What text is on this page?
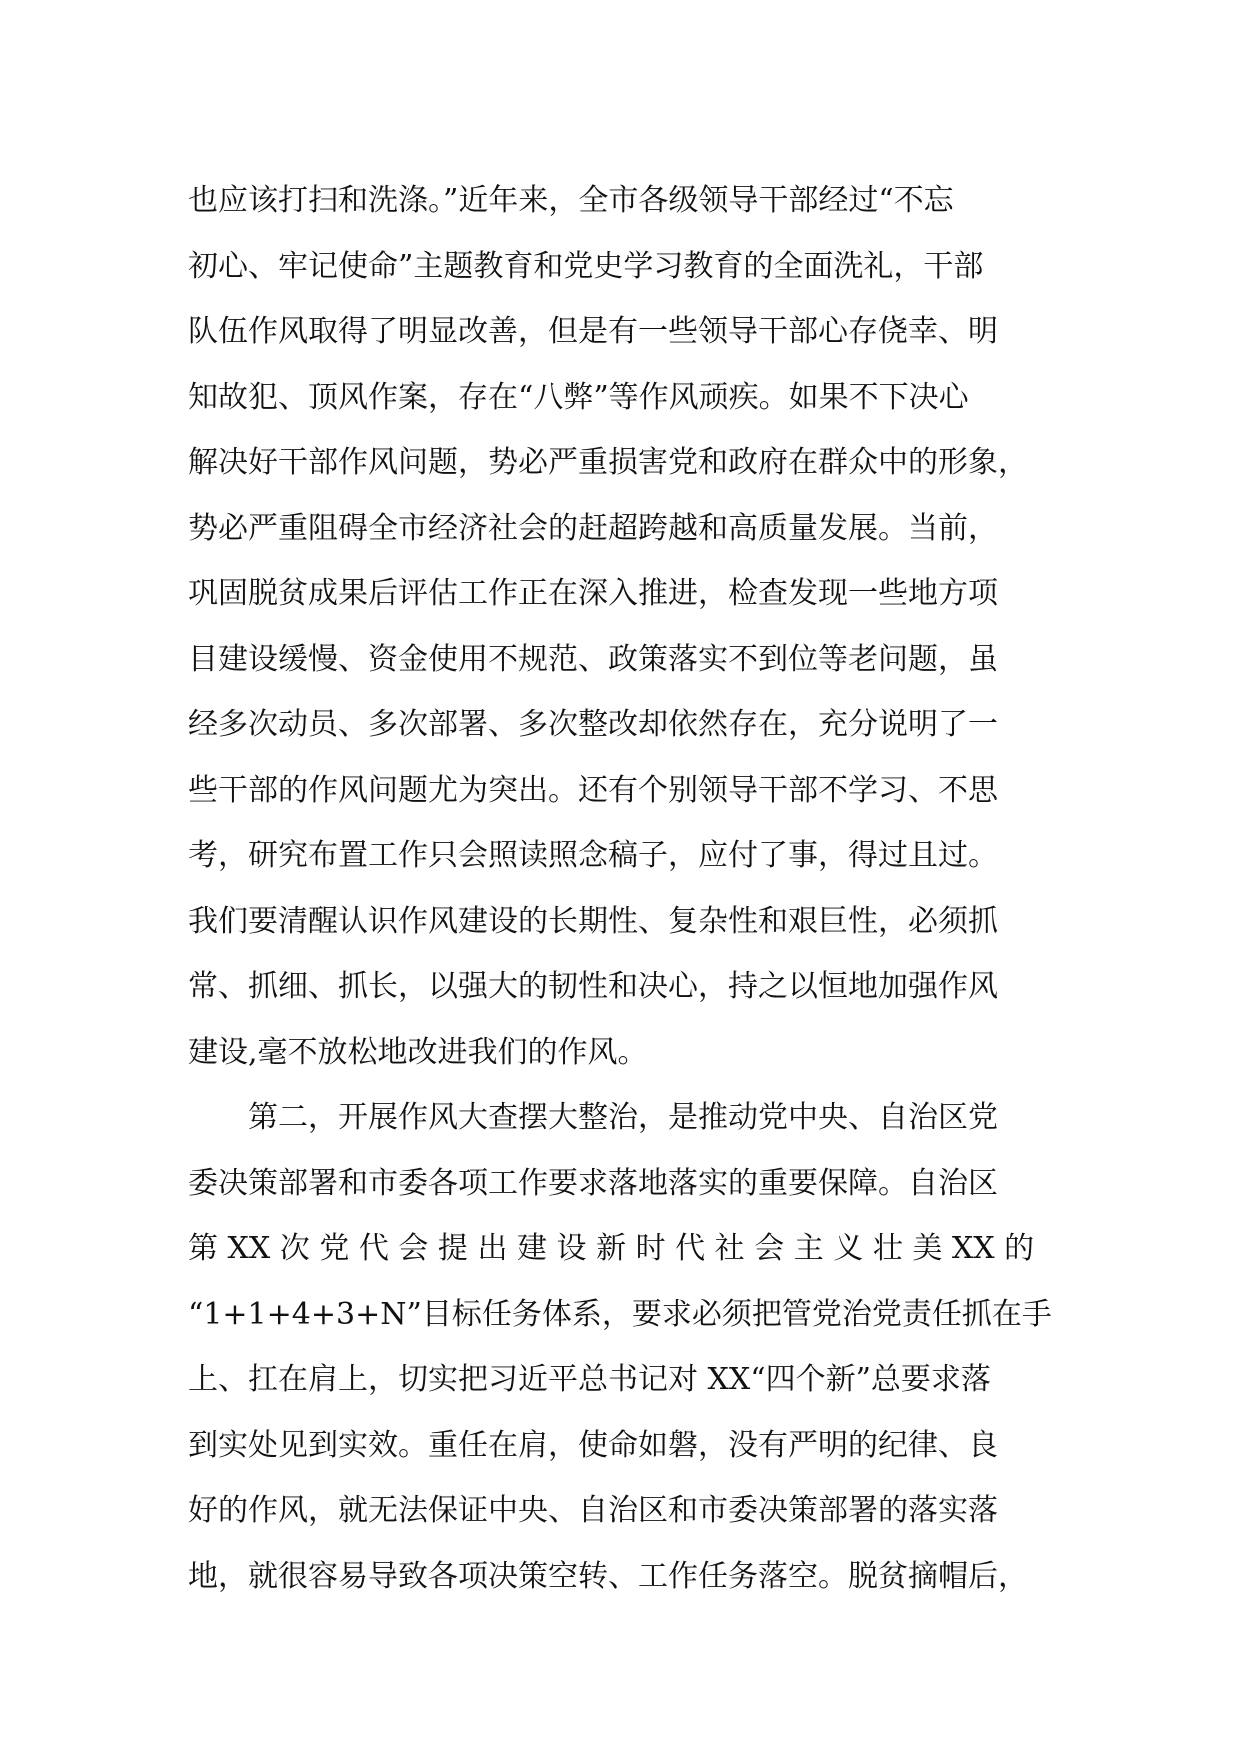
也应该打扫和洗涤。”近年来，全市各级领导干部经过“不忘
初心、牢记使命”主题教育和党史学习教育的全面洗礼，干部
队伍作风取得了明显改善，但是有一些领导干部心存侥幸、明
知故犯、顶风作案，存在“八弊”等作风顽疾。如果不下决心
解决好干部作风问题，势必严重损害党和政府在群众中的形象，
势必严重阻碍全市经济社会的赶超跨越和高质量发展。当前，
巩固脱贫成果后评估工作正在深入推进，检查发现一些地方项
目建设缓慢、资金使用不规范、政策落实不到位等老问题，虽
经多次动员、多次部署、多次整改却依然存在，充分说明了一
些干部的作风问题尤为突出。还有个别领导干部不学习、不思
考，研究布置工作只会照读照念稿子，应付了事，得过且过。
我们要清醒认识作风建设的长期性、复杂性和艰巨性，必须抓
常、抓细、抓长，以强大的韧性和决心，持之以恒地加强作风
建设,毫不放松地改进我们的作风。
第二，开展作风大查摆大整治，是推动党中央、自治区党
委决策部署和市委各项工作要求落地落实的重要保障。自治区
第 XX 次 党 代 会 提 出 建 设 新 时 代 社 会 主 义 壮 美 XX 的
“1+1+4+3+N”目标任务体系，要求必须把管党治党责任抓在手
上、扛在肩上，切实把习近平总书记对 XX“四个新”总要求落
到实处见到实效。重任在肩，使命如磐，没有严明的纪律、良
好的作风，就无法保证中央、自治区和市委决策部署的落实落
地，就很容易导致各项决策空转、工作任务落空。脱贫摘帽后，
